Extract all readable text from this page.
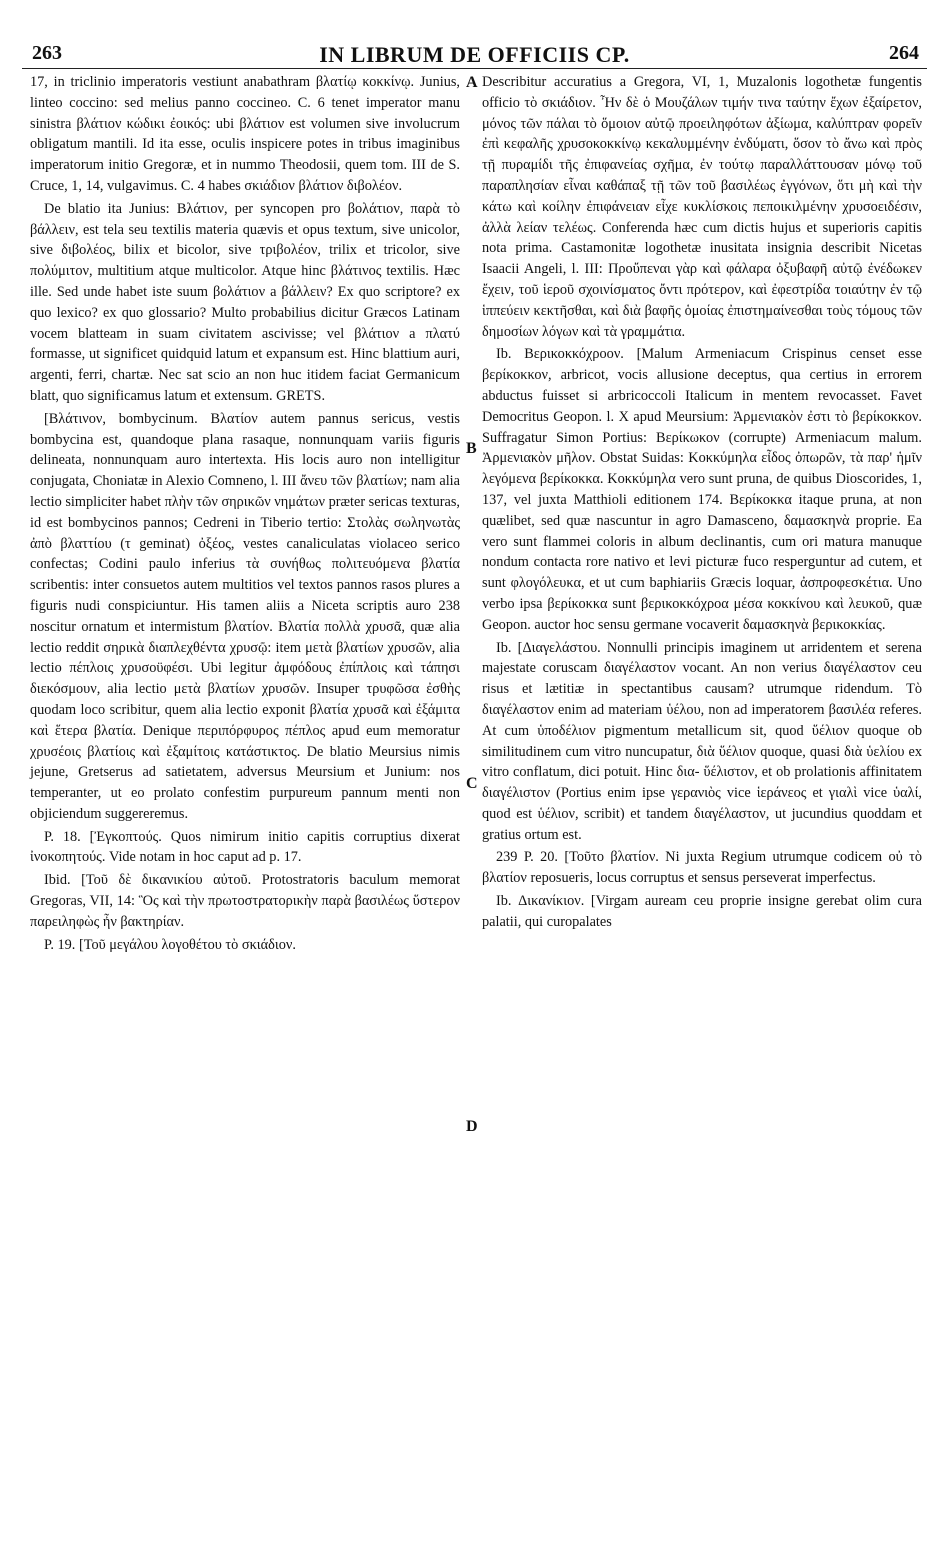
263	IN LIBRUM DE OFFICIIS CP.	264
A
B
C
D

17, in triclinio imperatoris vestiunt anabathram βλατίῳ κοκκίνῳ. Junius, linteo coccino: sed melius panno coccineo. C. 6 tenet imperator manu sinistra βλάτιον κώδικι ἐοικός: ubi βλάτιον est volumen sive involucrum obligatum mantili. Id ita esse, oculis inspicere potes in tribus imaginibus imperatorum initio Gregoræ, et in nummo Theodosii, quem tom. III de S. Cruce, 1, 14, vulgavimus. C. 4 habes σκιάδιον βλάτιον διβολέον.

De blatio ita Junius: Βλάτιον, per syncopen pro βολάτιον, παρὰ τὸ βάλλειν, est tela seu textilis materia quævis et opus textum, sive unicolor, sive διβολέος, bilix et bicolor, sive τριβολέον, trilix et tricolor, sive πολύμιτον, multitium atque multicolor. Atque hinc βλάτινος textilis. Hæc ille. Sed unde habet iste suum βολάτιον a βάλλειν? Ex quo scriptore? ex quo lexico? ex quo glossario? Multo probabilius dicitur Græcos Latinam vocem blatteam in suam civitatem ascivisse; vel βλάτιον a πλατύ formasse, ut significet quidquid latum et expansum est. Hinc blattium auri, argenti, ferri, chartæ. Nec sat scio an non huc itidem faciat Germanicum blatt, quo significamus latum et extensum. GRETS.

[Βλάτινον, bombycinum. Βλατίον autem pannus sericus, vestis bombycina est, quandoque plana rasaque, nonnunquam variis figuris delineata, nonnunquam auro intertexta. His locis auro non intelligitur conjugata, Choniatæ in Alexio Comneno, l. III ἄνευ τῶν βλατίων; nam alia lectio simpliciter habet πλὴν τῶν σηρικῶν νημάτων præter sericas texturas, id est bombycinos pannos; Cedreni in Tiberio tertio: Στολὰς σωληνωτὰς ἀπὸ βλαττίου (τ geminat) ὀξέος, vestes canaliculatas violaceo serico confectas; Codini paulo inferius τὰ συνήθως πολιτευόμενα βλατία scribentis: inter consuetos autem multitios vel textos pannos rasos plures a figuris nudi conspiciuntur. His tamen aliis a Niceta scriptis auro 238 noscitur ornatum et intermistum βλατίον. Βλατία πολλὰ χρυσᾶ, quæ alia lectio reddit σηρικὰ διαπλεχθέντα χρυσῷ: item μετὰ βλατίων χρυσῶν, alia lectio πέπλοις χρυσοϋφέσι. Ubi legitur ἀμφόδους ἐπίπλοις καὶ τάπησι διεκόσμουν, alia lectio μετὰ βλατίων χρυσῶν. Insuper τρυφῶσα ἐσθὴς quodam loco scribitur, quem alia lectio exponit βλατία χρυσᾶ καὶ ἐξάμιτα καὶ ἕτερα βλατία. Denique περιπόρφυρος πέπλος apud eum memoratur χρυσέοις βλατίοις καὶ ἐξαμίτοις κατάστικτος. De blatio Meursius nimis jejune, Gretserus ad satietatem, adversus Meursium et Junium: nos temperanter, ut eo prolato confestim purpureum pannum menti non objiciendum suggereremus.

P. 18. [Ἐγκοπτούς. Quos nimirum initio capitis corruptius dixerat ἰνοκοπητούς. Vide notam in hoc caput ad p. 17.

Ibid. [Τοῦ δὲ δικανικίου αὐτοῦ. Protostratoris baculum memorat Gregoras, VII, 14: Ὃς καὶ τὴν πρωτοστρατορικὴν παρὰ βασιλέως ὕστερον παρειληφὼς ἦν βακτηρίαν.

P. 19. [Τοῦ μεγάλου λογοθέτου τὸ σκιάδιον.

Describitur accuratius a Gregora, VI, 1, Muzalonis logothetæ fungentis officio τὸ σκιάδιον. Ἦν δὲ ὁ Μουζάλων τιμήν τινα ταύτην ἔχων ἐξαίρετον, μόνος τῶν πάλαι τὸ ὅμοιον αὐτῷ προειληφότων ἀξίωμα, καλύπτραν φορεῖν ἐπὶ κεφαλῆς χρυσοκοκκίνῳ κεκαλυμμένην ἐνδύματι, ὅσον τὸ ἄνω καὶ πρὸς τῇ πυραμίδι τῆς ἐπιφανείας σχῆμα, ἐν τούτῳ παραλλάττουσαν μόνῳ τοῦ παραπλησίαν εἶναι καθάπαξ τῇ τῶν τοῦ βασιλέως ἐγγόνων, ὅτι μὴ καὶ τὴν κάτω καὶ κοίλην ἐπιφάνειαν εἶχε κυκλίσκοις πεποικιλμένην χρυσοειδέσιν, ἀλλὰ λείαν τελέως. Conferenda hæc cum dictis hujus et superioris capitis nota prima. Castamonitæ logothetæ inusitata insignia describit Nicetas Isaacii Angeli, l. III: Προὔπεναι γὰρ καὶ φάλαρα ὀξυβαφῆ αὐτῷ ἐνέδωκεν ἔχειν, τοῦ ἱεροῦ σχοινίσματος ὄντι πρότερον, καὶ ἐφεστρίδα τοιαύτην ἐν τῷ ἱππεύειν κεκτῆσθαι, καὶ διὰ βαφῆς ὁμοίας ἐπιστημαίνεσθαι τοὺς τόμους τῶν δημοσίων λόγων καὶ τὰ γραμμάτια.

Ib. Βερικοκκόχροον. [Malum Armeniacum Crispinus censet esse βερίκοκκον, arbricot, vocis allusione deceptus, qua certius in errorem abductus fuisset si arbricoccoli Italicum in mentem revocasset. Favet Democritus Geopon. l. X apud Meursium: Ἀρμενιακὸν ἐστι τὸ βερίκοκκον. Suffragatur Simon Portius: Βερίκωκον (corrupte) Armeniacum malum. Ἀρμενιακὸν μῆλον. Obstat Suidas: Κοκκύμηλα εἶδος ὀπωρῶν, τὰ παρ' ἡμῖν λεγόμενα βερίκοκκα. Κοκκύμηλα vero sunt pruna, de quibus Dioscorides, 1, 137, vel juxta Matthioli editionem 174. Βερίκοκκα itaque pruna, at non quælibet, sed quæ nascuntur in agro Damasceno, δαμασκηνὰ proprie. Ea vero sunt flammei coloris in album declinantis, cum ori matura manuque nondum contacta rore nativo et levi picturæ fuco resperguntur ad cutem, et sunt φλογόλευκα, et ut cum baphiariis Græcis loquar, ἀσπροφεσκέτια. Uno verbo ipsa βερίκοκκα sunt βερικοκκόχροα μέσα κοκκίνου καὶ λευκοῦ, quæ Geopon. auctor hoc sensu germane vocaverit δαμασκηνὰ βερικοκκίας.

Ib. [Διαγελάστου. Nonnulli principis imaginem ut arridentem et serena majestate coruscam διαγέλαστον vocant. An non verius διαγέλαστον ceu risus et lætitiæ in spectantibus causam? utrumque ridendum. Τὸ διαγέλαστον enim ad materiam ὑέλου, non ad imperatorem βασιλέα referes. At cum ὑποδέλιον pigmentum metallicum sit, quod ὕέλιον quoque ob similitudinem cum vitro nuncupatur, διὰ ὕέλιον quoque, quasi διὰ ὑελίου ex vitro conflatum, dici potuit. Hinc δια- ὕέλιστον, et ob prolationis affinitatem διαγέλιστον (Portius enim ipse γερανιὸς vice ἱεράνεος et γιαλὶ vice ὑαλί, quod est ὑέλιον, scribit) et tandem διαγέλαστον, ut jucundius quoddam et gratius ortum est.

239 P. 20. [Τοῦτο βλατίον. Ni juxta Regium utrumque codicem οὐ τὸ βλατίον reposueris, locus corruptus et sensus perseverat imperfectus.

Ib. Δικανίκιον. [Virgam auream ceu proprie insigne gerebat olim cura palatii, qui curopalates
